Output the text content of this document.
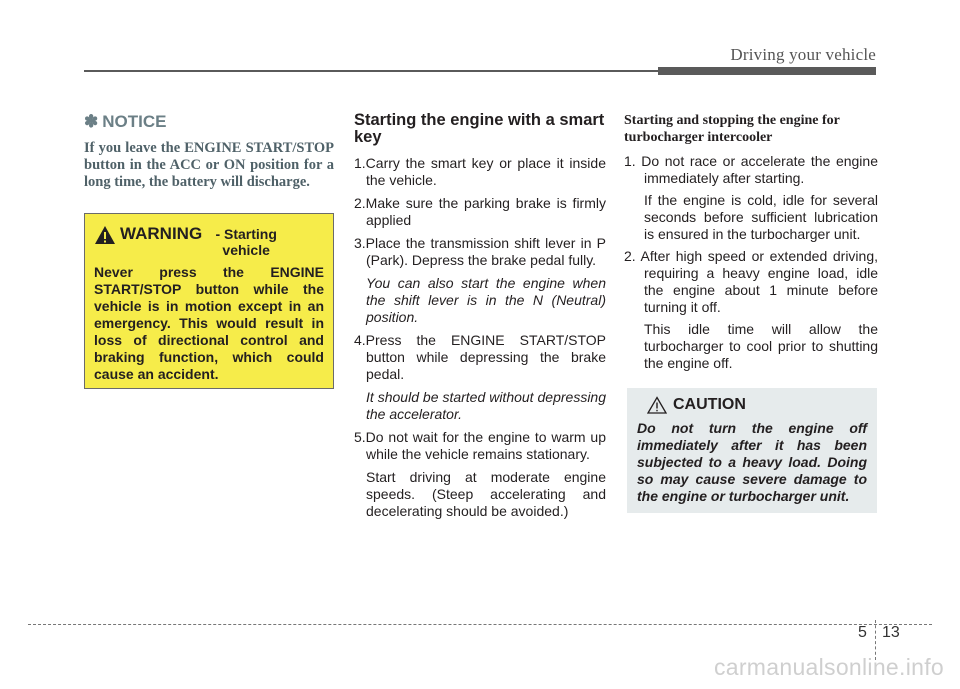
Driving your vehicle

✽ NOTICE

If you leave the ENGINE START/STOP button in the ACC or ON position for a long time, the battery will discharge.

WARNING - Starting vehicle

Never press the ENGINE START/STOP button while the vehicle is in motion except in an emergency. This would result in loss of directional control and braking function, which could cause an accident.

Starting the engine with a smart key

1.Carry the smart key or place it inside the vehicle.

2.Make sure the parking brake is firmly applied

3.Place the transmission shift lever in P (Park). Depress the brake pedal fully.

You can also start the engine when the shift lever is in the N (Neutral) position.

4.Press the ENGINE START/STOP button while depressing the brake pedal.

It should be started without depressing the accelerator.

5.Do not wait for the engine to warm up while the vehicle remains stationary.

Start driving at moderate engine speeds. (Steep accelerating and decelerating should be avoided.)

Starting and stopping the engine for turbocharger intercooler

1. Do not race or accelerate the engine immediately after starting.

If the engine is cold, idle for several seconds before sufficient lubrication is ensured in the turbocharger unit.

2. After high speed or extended driving, requiring a heavy engine load, idle the engine about 1 minute before turning it off.

This idle time will allow the turbocharger to cool prior to shutting the engine off.

CAUTION

Do not turn the engine off immediately after it has been subjected to a heavy load. Doing so may cause severe damage to the engine or turbocharger unit.

5 13
carmanualsonline.info
